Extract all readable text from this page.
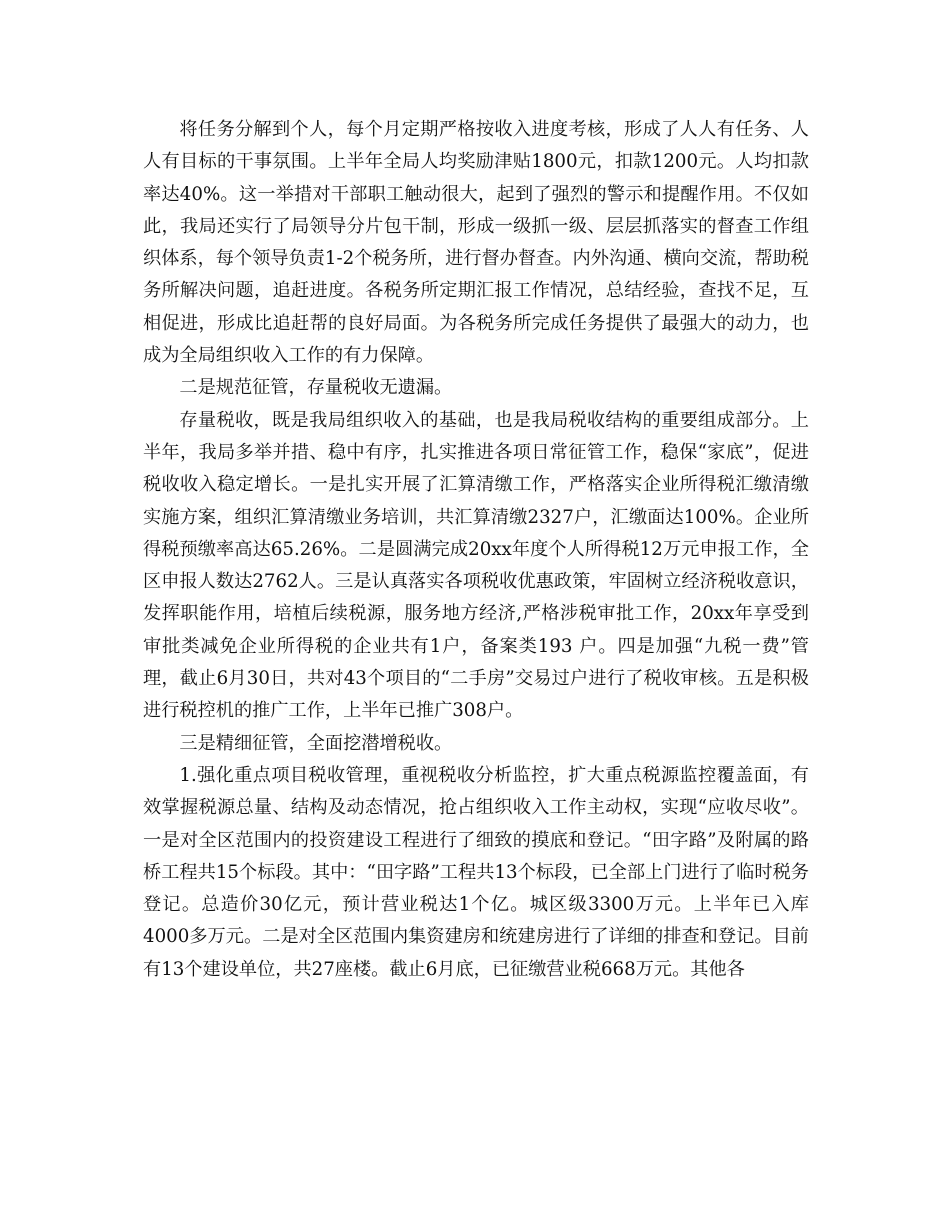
将任务分解到个人，每个月定期严格按收入进度考核，形成了人人有任务、人人有目标的干事氛围。上半年全局人均奖励津贴1800元，扣款1200元。人均扣款率达40%。这一举措对干部职工触动很大，起到了强烈的警示和提醒作用。不仅如此，我局还实行了局领导分片包干制，形成一级抓一级、层层抓落实的督查工作组织体系，每个领导负责1-2个税务所，进行督办督查。内外沟通、横向交流，帮助税务所解决问题，追赶进度。各税务所定期汇报工作情况，总结经验，查找不足，互相促进，形成比追赶帮的良好局面。为各税务所完成任务提供了最强大的动力，也成为全局组织收入工作的有力保障。

二是规范征管，存量税收无遗漏。

存量税收，既是我局组织收入的基础，也是我局税收结构的重要组成部分。上半年，我局多举并措、稳中有序，扎实推进各项日常征管工作，稳保“家底”，促进税收收入稳定增长。一是扎实开展了汇算清缴工作，严格落实企业所得税汇缴清缴实施方案，组织汇算清缴业务培训，共汇算清缴2327户，汇缴面达100%。企业所得税预缴率高达65.26%。二是圆满完成20xx年度个人所得税12万元申报工作，全区申报人数达2762人。三是认真落实各项税收优惠政策，牢固树立经济税收意识，发挥职能作用，培植后续税源，服务地方经济,严格涉税审批工作，20xx年享受到审批类减免企业所得税的企业共有1户，备案类193 户。四是加强“九税一费”管理，截止6月30日，共对43个项目的“二手房”交易过户进行了税收审核。五是积极进行税控机的推广工作，上半年已推广308户。

三是精细征管，全面挖潜增税收。

1.强化重点项目税收管理，重视税收分析监控，扩大重点税源监控覆盖面，有效掌握税源总量、结构及动态情况，抢占组织收入工作主动权，实现“应收尽收”。一是对全区范围内的投资建设工程进行了细致的摸底和登记。“田字路”及附属的路桥工程共15个标段。其中：“田字路”工程共13个标段，已全部上门进行了临时税务登记。总造价30亿元，预计营业税达1个亿。城区级3300万元。上半年已入库4000多万元。二是对全区范围内集资建房和统建房进行了详细的排查和登记。目前有13个建设单位，共27座楼。截止6月底，已征缴营业税668万元。其他各
